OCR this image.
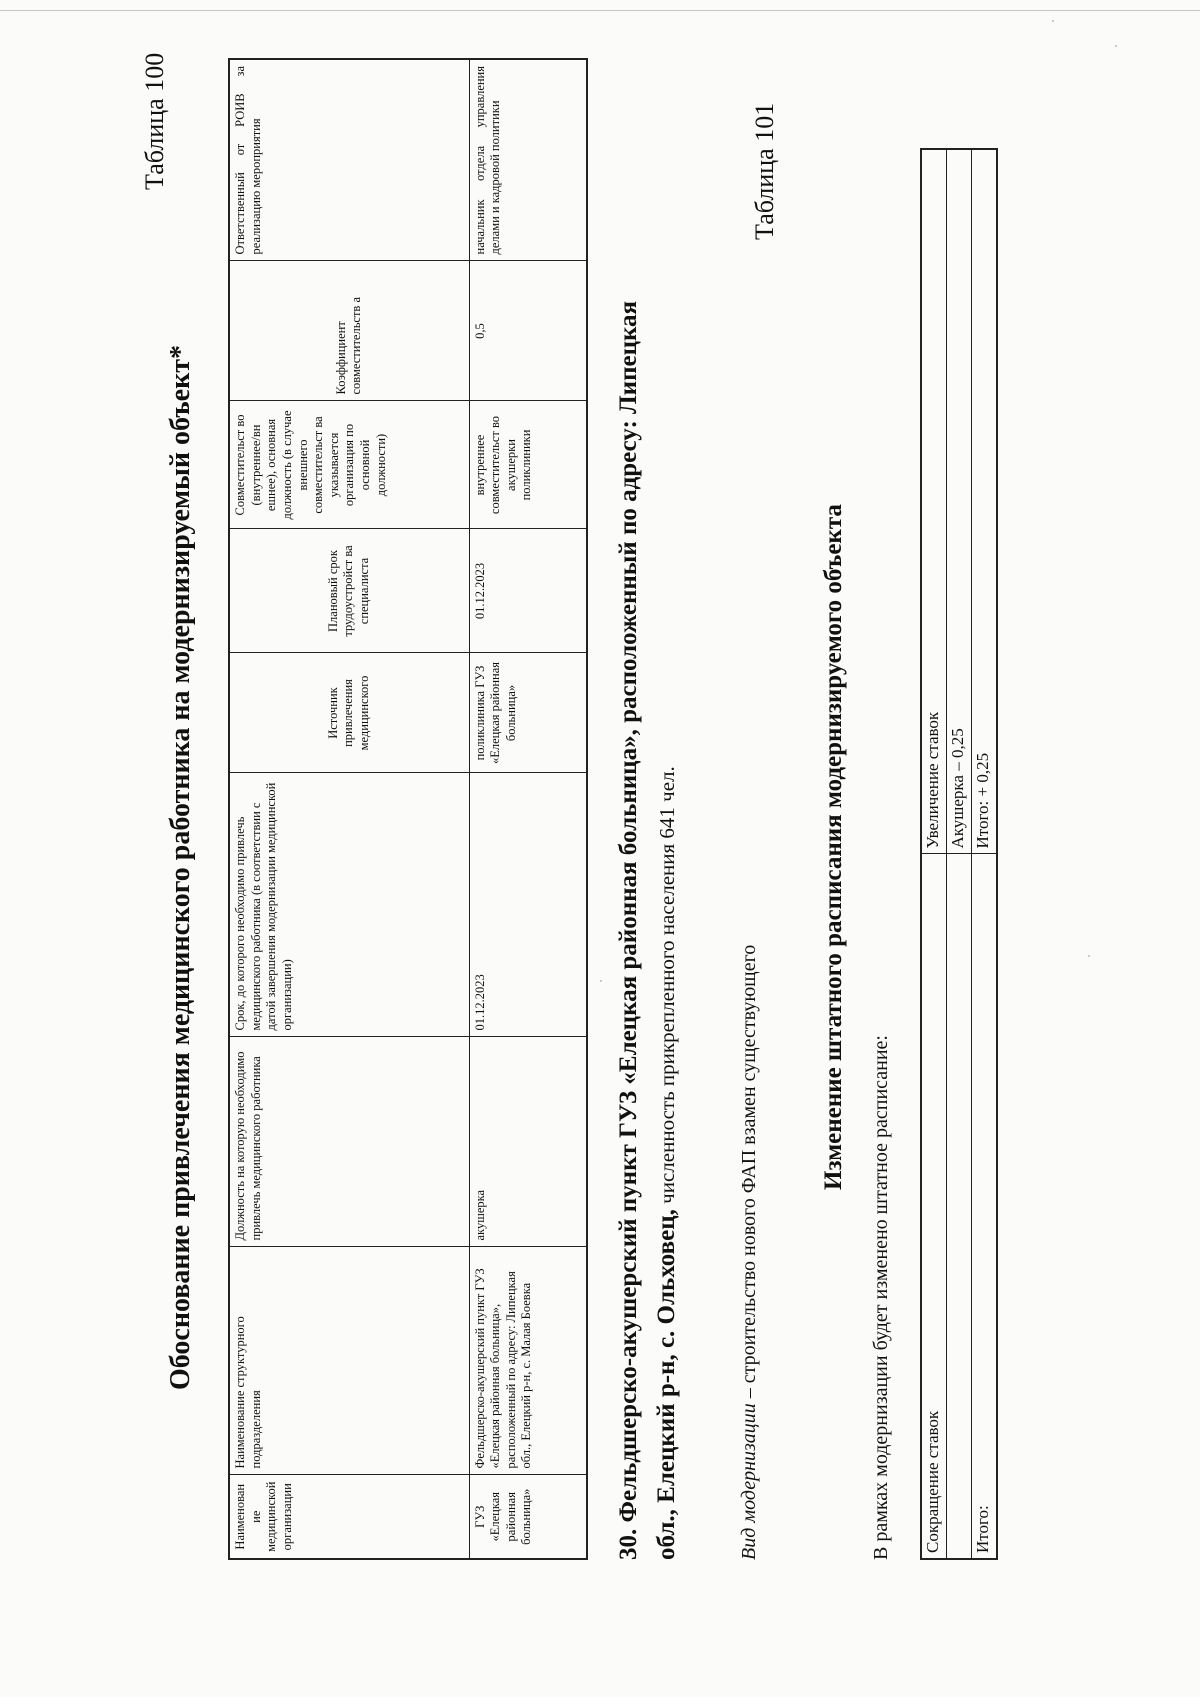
Таблица 100
Обоснование привлечения медицинского работника на модернизируемый объект*
Наименован ие медицинской организации	Наименование структурного подразделения	Должность на которую необходимо привлечь медицинского работника	Срок, до которого необходимо привлечь медицинского работника (в соответствии с датой завершения модернизации медицинской организации)	Источник привлечения медицинского	Плановый срок трудоустройст ва специалиста	Совместительст во (внутреннее/вн ешнее), основная должность (в случае внешнего совместительст ва указывается организация по основной должности)	Коэффициент совместительств а	Ответственный от РОИВ за реализацию мероприятия
ГУЗ «Елецкая районная больница»	Фельдшерско-акушерский пункт ГУЗ «Елецкая районная больница», расположенный по адресу: Липецкая обл., Елецкий р-н, с. Малая Боевка	акушерка	01.12.2023	поликлиника ГУЗ «Елецкая районная больница»	01.12.2023	внутреннее совместительст во акушерки поликлиники	0,5	начальник отдела управления делами и кадровой политики
30. Фельдшерско-акушерский пункт ГУЗ «Елецкая районная больница», расположенный по адресу: Липецкая обл., Елецкий р-н, с. Ольховец, численность прикрепленного населения 641 чел.
Вид модернизации – строительство нового ФАП взамен существующего
Таблица 101
Изменение штатного расписания модернизируемого объекта
В рамках модернизации будет изменено штатное расписание: Сокращение ставок	Увеличение ставок
	Акушерка – 0,25
Итого:	Итого: + 0,25
